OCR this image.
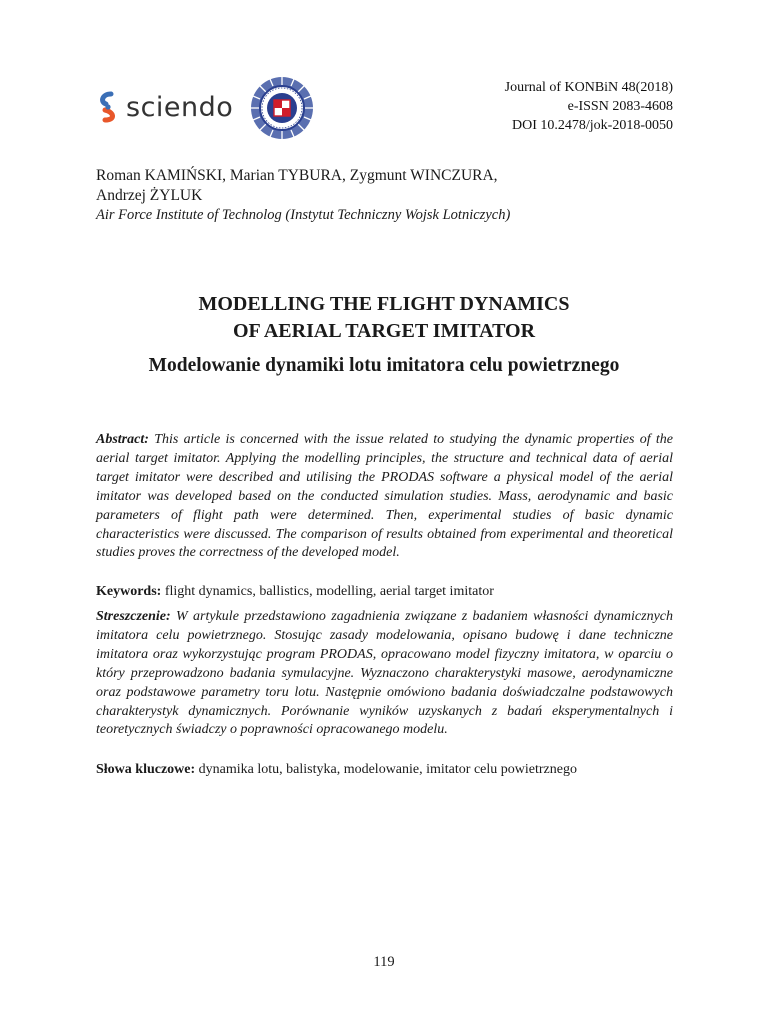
sciendo
Journal of KONBiN 48(2018)
e-ISSN 2083-4608
DOI 10.2478/jok-2018-0050
Roman KAMIŃSKI, Marian TYBURA, Zygmunt WINCZURA,
Andrzej ŻYLUK
Air Force Institute of Technolog (Instytut Techniczny Wojsk Lotniczych)

MODELLING THE FLIGHT DYNAMICS
OF AERIAL TARGET IMITATOR

Modelowanie dynamiki lotu imitatora celu powietrznego

Abstract: This article is concerned with the issue related to studying the dynamic properties of the aerial target imitator. Applying the modelling principles, the structure and technical data of aerial target imitator were described and utilising the PRODAS software a physical model of the aerial imitator was developed based on the conducted simulation studies. Mass, aerodynamic and basic parameters of flight path were determined. Then, experimental studies of basic dynamic characteristics were discussed. The comparison of results obtained from experimental and theoretical studies proves the correctness of the developed model.
Keywords: flight dynamics, ballistics, modelling, aerial target imitator
Streszczenie: W artykule przedstawiono zagadnienia związane z badaniem własności dynamicznych imitatora celu powietrznego. Stosując zasady modelowania, opisano budowę i dane techniczne imitatora oraz wykorzystując program PRODAS, opracowano model fizyczny imitatora, w oparciu o który przeprowadzono badania symulacyjne. Wyznaczono charakterystyki masowe, aerodynamiczne oraz podstawowe parametry toru lotu. Następnie omówiono badania doświadczalne podstawowych charakterystyk dynamicznych. Porównanie wyników uzyskanych z badań eksperymentalnych i teoretycznych świadczy o poprawności opracowanego modelu.
Słowa kluczowe: dynamika lotu, balistyka, modelowanie, imitator celu powietrznego
119
